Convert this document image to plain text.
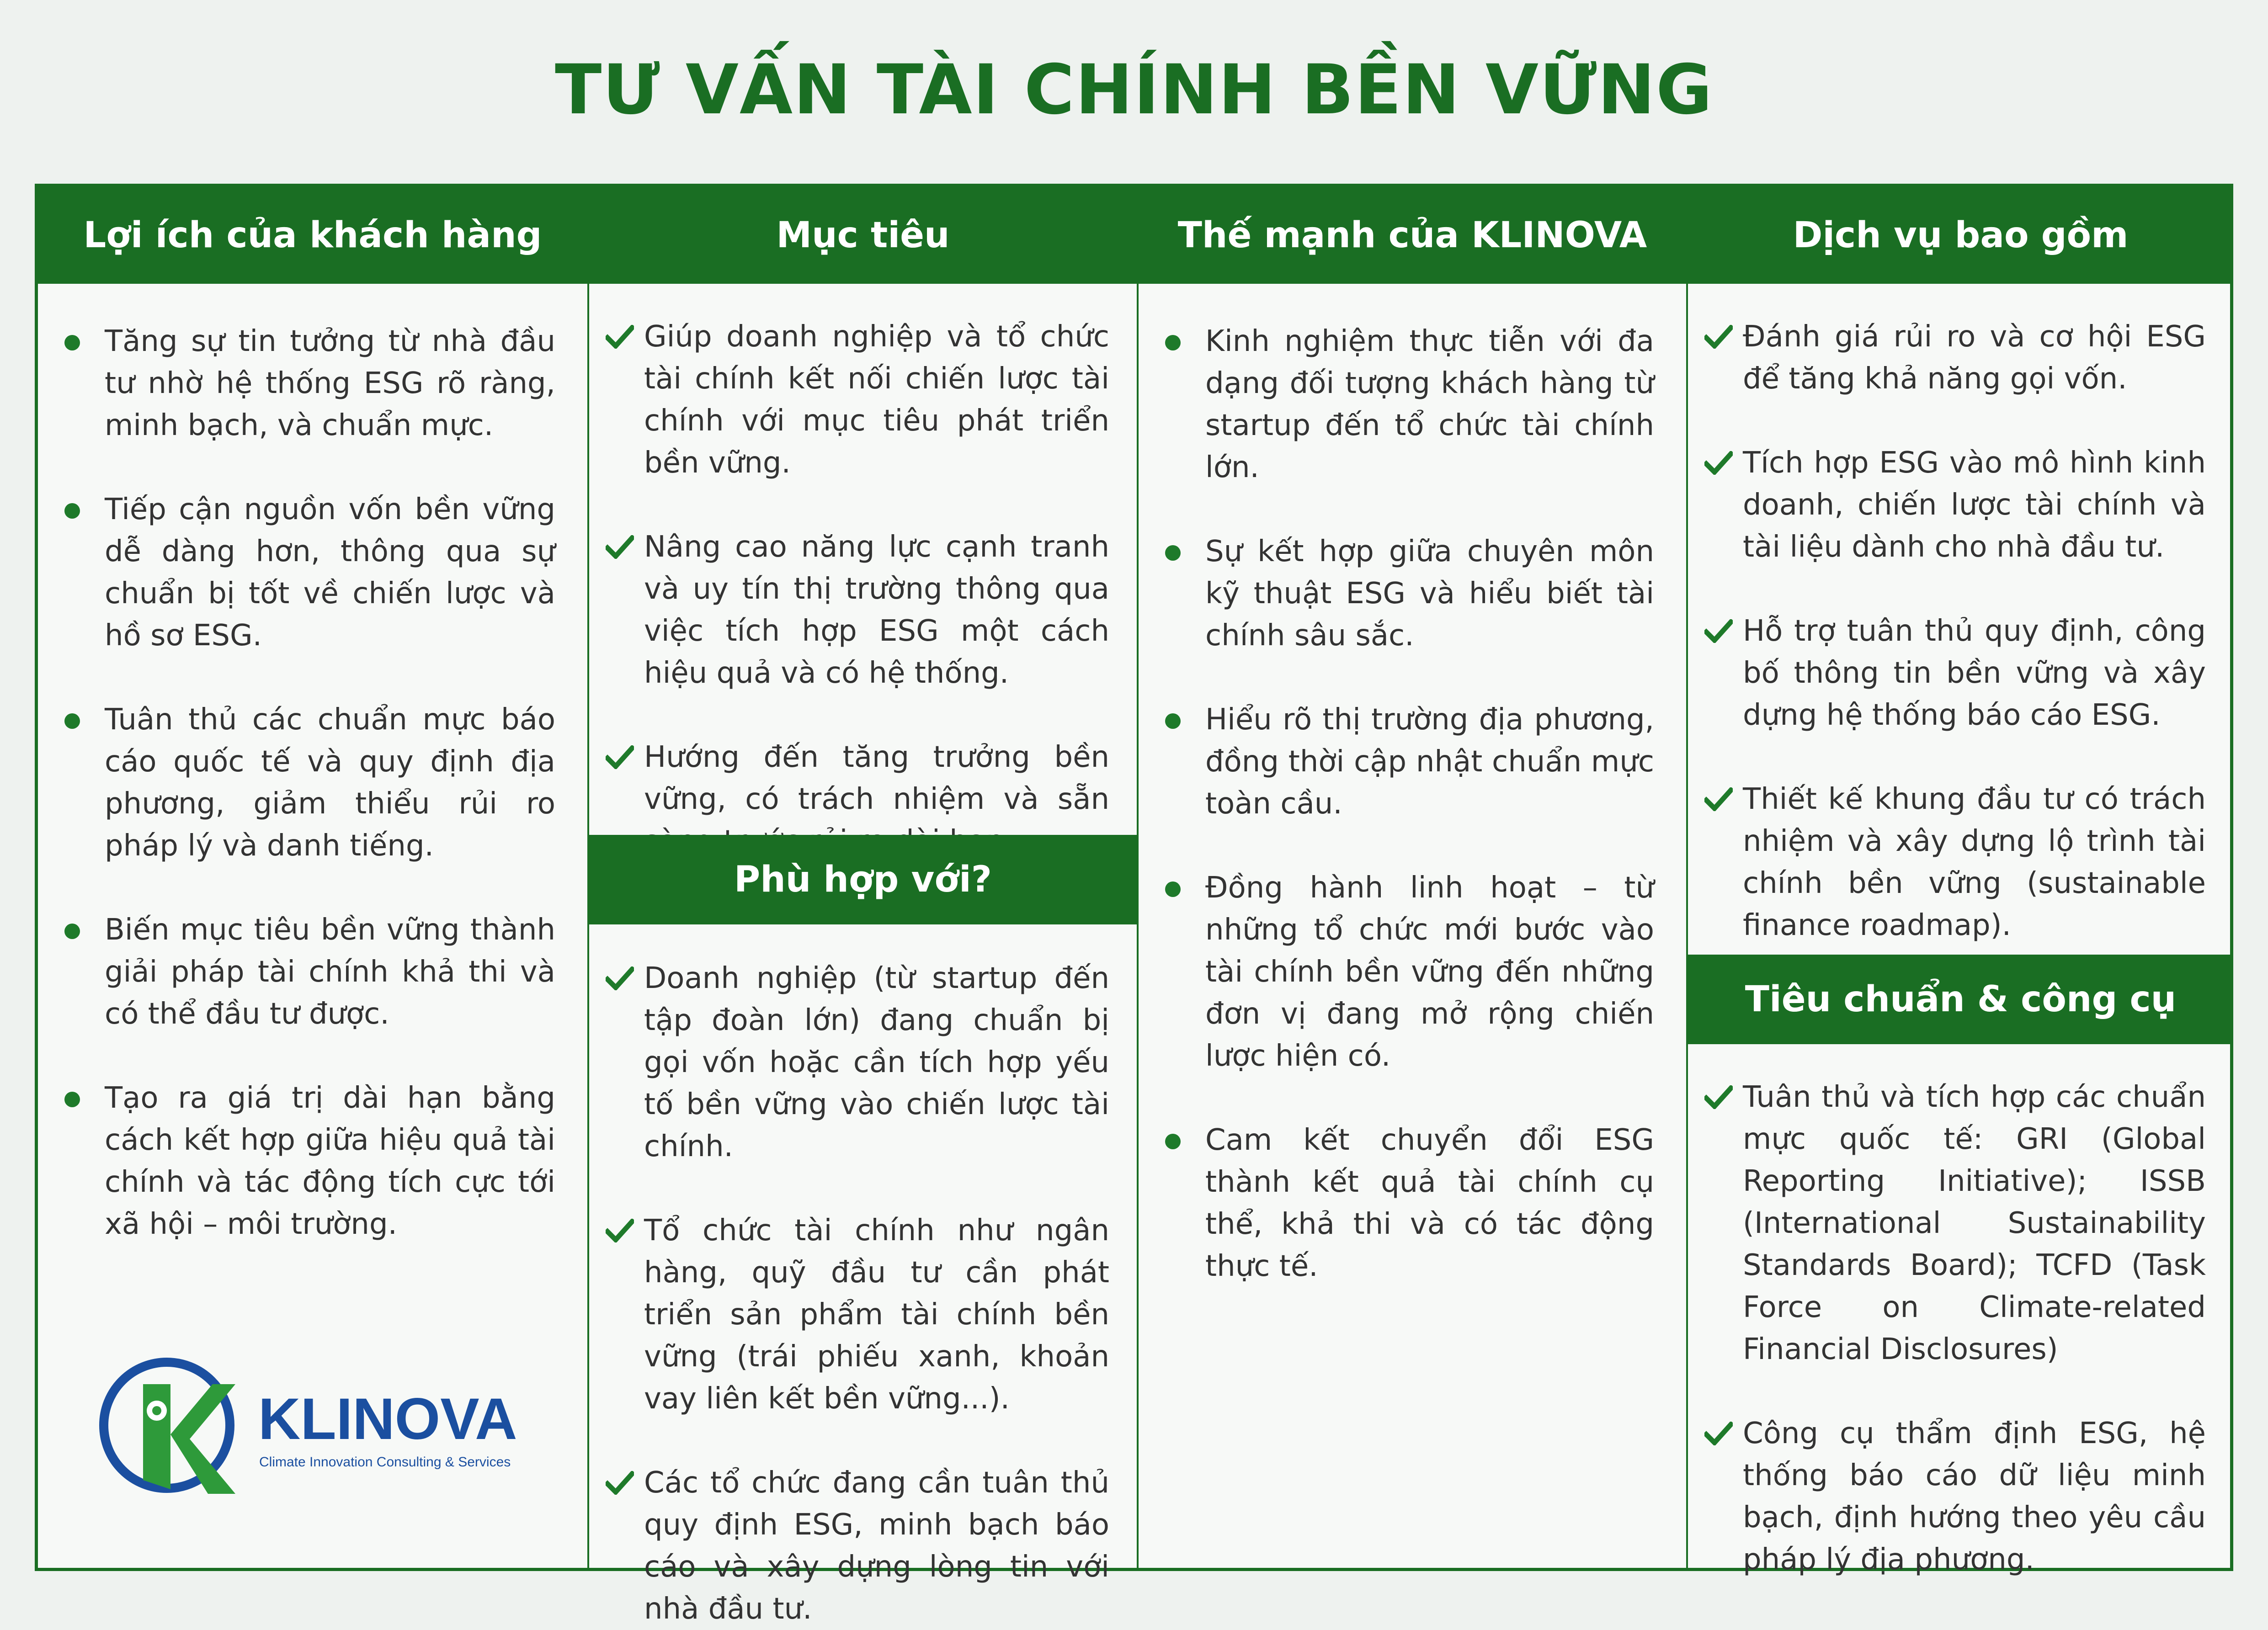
TƯ VẤN TÀI CHÍNH BỀN VỮNG
Lợi ích của khách hàng
Tăng sự tin tưởng từ nhà đầu tư nhờ hệ thống ESG rõ ràng, minh bạch, và chuẩn mực.
Tiếp cận nguồn vốn bền vững dễ dàng hơn, thông qua sự chuẩn bị tốt về chiến lược và hồ sơ ESG.
Tuân thủ các chuẩn mực báo cáo quốc tế và quy định địa phương, giảm thiểu rủi ro pháp lý và danh tiếng.
Biến mục tiêu bền vững thành giải pháp tài chính khả thi và có thể đầu tư được.
Tạo ra giá trị dài hạn bằng cách kết hợp giữa hiệu quả tài chính và tác động tích cực tới xã hội – môi trường.
KLINOVA
Climate Innovation Consulting & Services
Mục tiêu
Giúp doanh nghiệp và tổ chức tài chính kết nối chiến lược tài chính với mục tiêu phát triển bền vững.
Nâng cao năng lực cạnh tranh và uy tín thị trường thông qua việc tích hợp ESG một cách hiệu quả và có hệ thống.
Hướng đến tăng trưởng bền vững, có trách nhiệm và sẵn
Phù hợp với?
Doanh nghiệp (từ startup đến tập đoàn lớn) đang chuẩn bị gọi vốn hoặc cần tích hợp yếu tố bền vững vào chiến lược tài chính.
Tổ chức tài chính như ngân hàng, quỹ đầu tư cần phát triển sản phẩm tài chính bền vững (trái phiếu xanh, khoản vay liên kết bền vững...).
Các tổ chức đang cần tuân thủ quy định ESG, minh bạch báo cáo và xây dựng lòng tin với nhà đầu tư.
Thế mạnh của KLINOVA
Kinh nghiệm thực tiễn với đa dạng đối tượng khách hàng từ startup đến tổ chức tài chính lớn.
Sự kết hợp giữa chuyên môn kỹ thuật ESG và hiểu biết tài chính sâu sắc.
Hiểu rõ thị trường địa phương, đồng thời cập nhật chuẩn mực toàn cầu.
Đồng hành linh hoạt – từ những tổ chức mới bước vào tài chính bền vững đến những đơn vị đang mở rộng chiến lược hiện có.
Cam kết chuyển đổi ESG thành kết quả tài chính cụ thể, khả thi và có tác động thực tế.
Dịch vụ bao gồm
Đánh giá rủi ro và cơ hội ESG để tăng khả năng gọi vốn.
Tích hợp ESG vào mô hình kinh doanh, chiến lược tài chính và tài liệu dành cho nhà đầu tư.
Hỗ trợ tuân thủ quy định, công bố thông tin bền vững và xây dựng hệ thống báo cáo ESG.
Thiết kế khung đầu tư có trách nhiệm và xây dựng lộ trình tài chính bền vững (sustainable finance roadmap).
Tiêu chuẩn & công cụ
Tuân thủ và tích hợp các chuẩn mực quốc tế: GRI (Global Reporting Initiative); ISSB (International Sustainability Standards Board); TCFD (Task Force on Climate-related Financial Disclosures)
Công cụ thẩm định ESG, hệ thống báo cáo dữ liệu minh bạch, định hướng theo yêu cầu pháp lý địa phương.
